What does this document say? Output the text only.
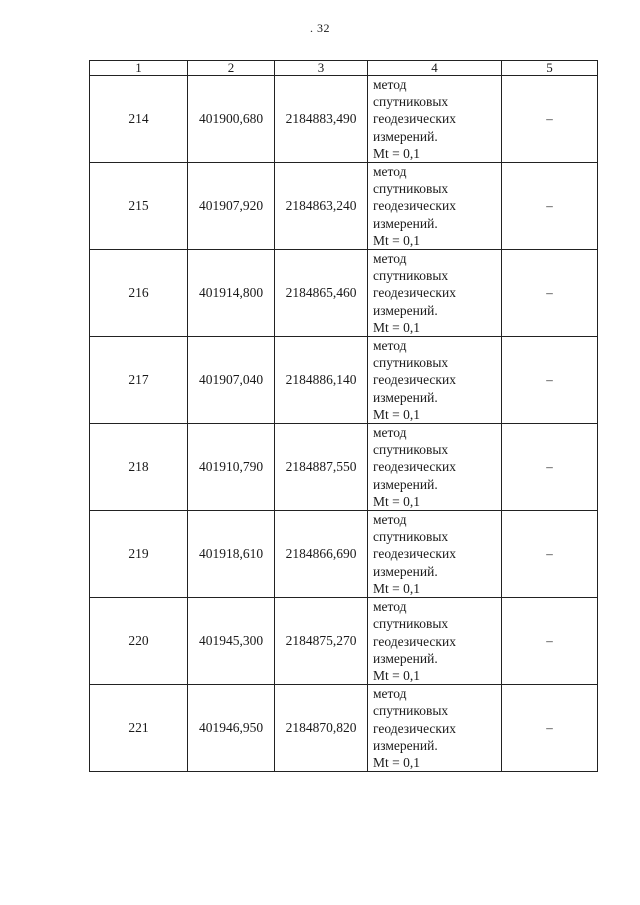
. 32
1	2	3	4	5
214	401900,680	2184883,490	метод
спутниковых
геодезических
измерений.
Mt = 0,1	–
215	401907,920	2184863,240	метод
спутниковых
геодезических
измерений.
Mt = 0,1	–
216	401914,800	2184865,460	метод
спутниковых
геодезических
измерений.
Mt = 0,1	–
217	401907,040	2184886,140	метод
спутниковых
геодезических
измерений.
Mt = 0,1	–
218	401910,790	2184887,550	метод
спутниковых
геодезических
измерений.
Mt = 0,1	–
219	401918,610	2184866,690	метод
спутниковых
геодезических
измерений.
Mt = 0,1	–
220	401945,300	2184875,270	метод
спутниковых
геодезических
измерений.
Mt = 0,1	–
221	401946,950	2184870,820	метод
спутниковых
геодезических
измерений.
Mt = 0,1	–
